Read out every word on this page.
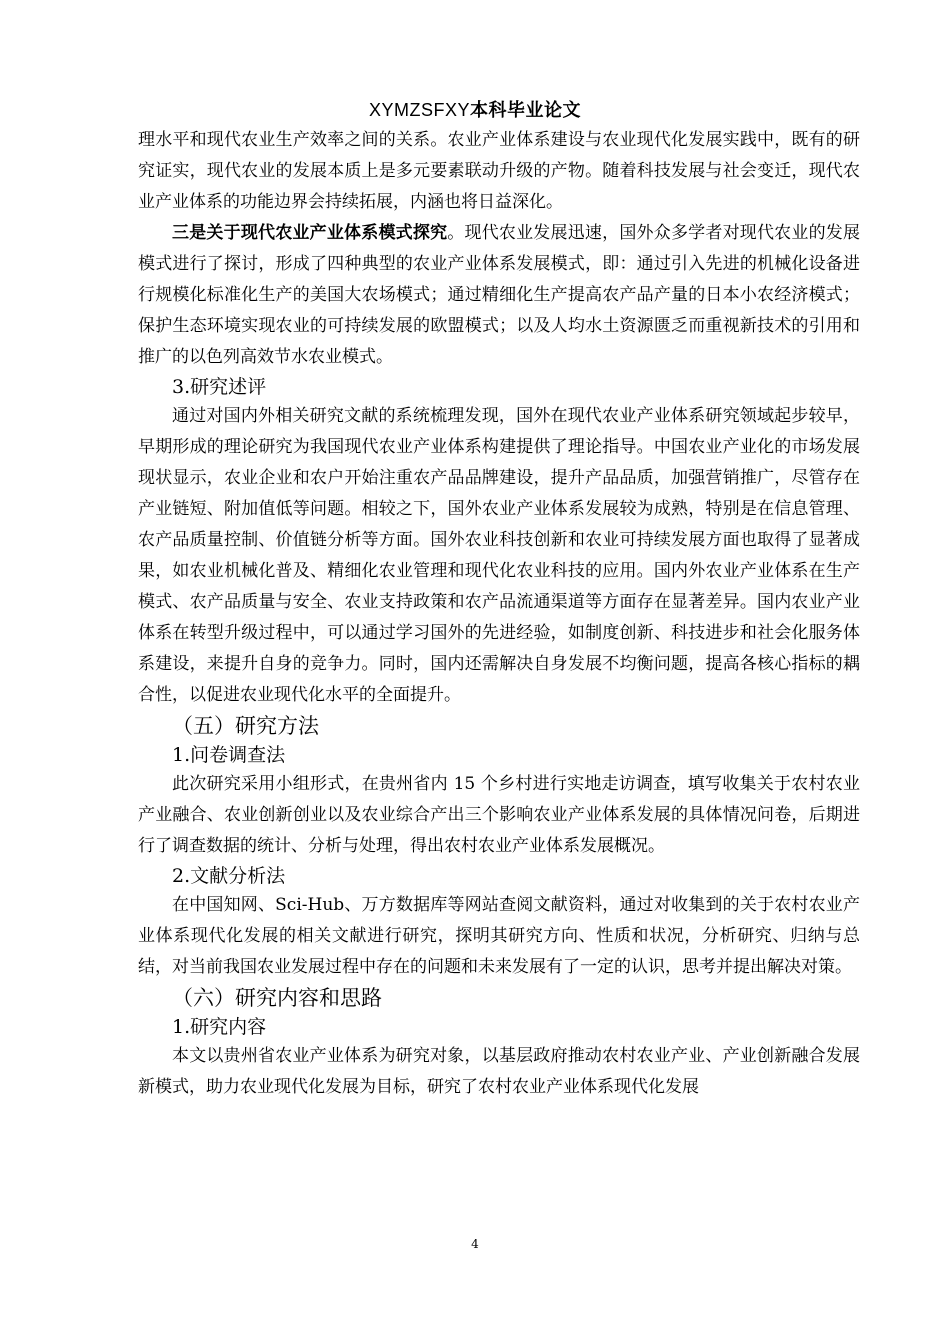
XYMZSFXY本科毕业论文

理水平和现代农业生产效率之间的关系。农业产业体系建设与农业现代化发展实践中，既有的研究证实，现代农业的发展本质上是多元要素联动升级的产物。随着科技发展与社会变迁，现代农业产业体系的功能边界会持续拓展，内涵也将日益深化。

三是关于现代农业产业体系模式探究。现代农业发展迅速，国外众多学者对现代农业的发展模式进行了探讨，形成了四种典型的农业产业体系发展模式，即：通过引入先进的机械化设备进行规模化标准化生产的美国大农场模式；通过精细化生产提高农产品产量的日本小农经济模式；保护生态环境实现农业的可持续发展的欧盟模式；以及人均水土资源匮乏而重视新技术的引用和推广的以色列高效节水农业模式。

3.研究述评

通过对国内外相关研究文献的系统梳理发现，国外在现代农业产业体系研究领域起步较早，早期形成的理论研究为我国现代农业产业体系构建提供了理论指导。中国农业产业化的市场发展现状显示，农业企业和农户开始注重农产品品牌建设，提升产品品质，加强营销推广，尽管存在产业链短、附加值低等问题。相较之下，国外农业产业体系发展较为成熟，特别是在信息管理、农产品质量控制、价值链分析等方面。国外农业科技创新和农业可持续发展方面也取得了显著成果，如农业机械化普及、精细化农业管理和现代化农业科技的应用。国内外农业产业体系在生产模式、农产品质量与安全、农业支持政策和农产品流通渠道等方面存在显著差异。国内农业产业体系在转型升级过程中，可以通过学习国外的先进经验，如制度创新、科技进步和社会化服务体系建设，来提升自身的竞争力。同时，国内还需解决自身发展不均衡问题，提高各核心指标的耦合性，以促进农业现代化水平的全面提升。

（五）研究方法

1.问卷调查法

此次研究采用小组形式，在贵州省内 15 个乡村进行实地走访调查，填写收集关于农村农业产业融合、农业创新创业以及农业综合产出三个影响农业产业体系发展的具体情况问卷，后期进行了调查数据的统计、分析与处理，得出农村农业产业体系发展概况。

2.文献分析法

在中国知网、Sci-Hub、万方数据库等网站查阅文献资料，通过对收集到的关于农村农业产业体系现代化发展的相关文献进行研究，探明其研究方向、性质和状况，分析研究、归纳与总结，对当前我国农业发展过程中存在的问题和未来发展有了一定的认识，思考并提出解决对策。

（六）研究内容和思路

1.研究内容

本文以贵州省农业产业体系为研究对象，以基层政府推动农村农业产业、产业创新融合发展新模式，助力农业现代化发展为目标，研究了农村农业产业体系现代化发展

4
